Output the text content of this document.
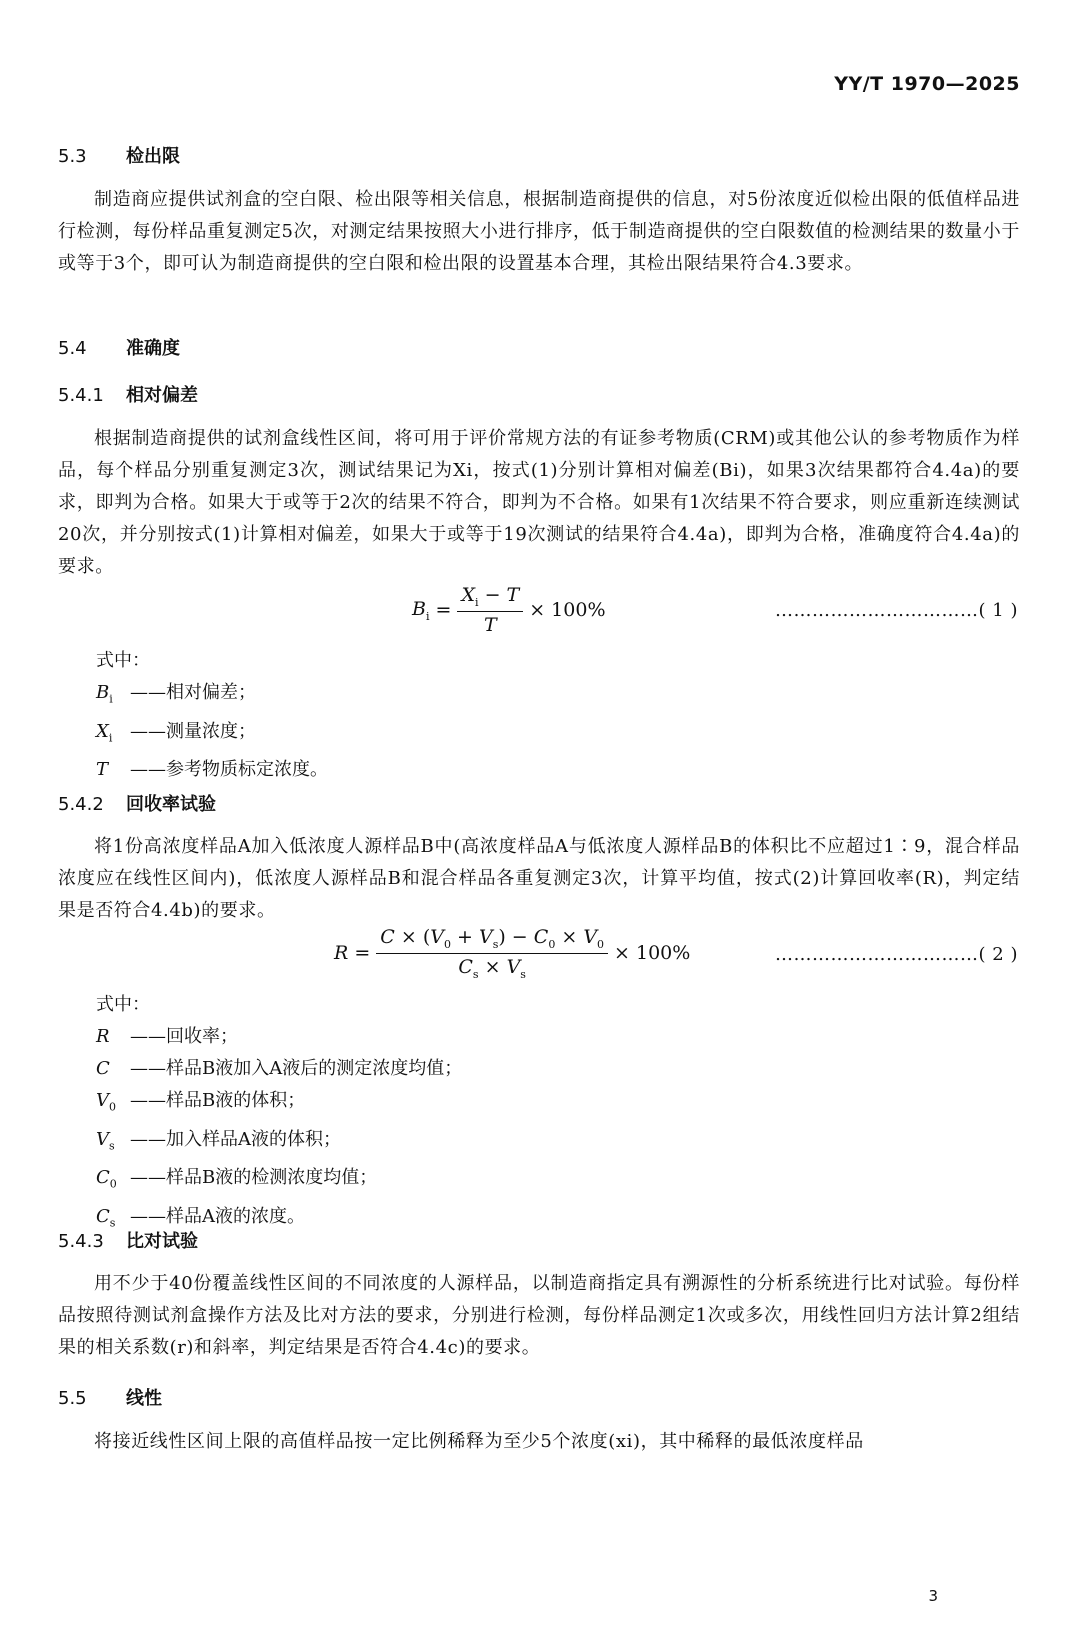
YY/T 1970—2025
5.3 检出限
制造商应提供试剂盒的空白限、检出限等相关信息，根据制造商提供的信息，对5份浓度近似检出限的低值样品进行检测，每份样品重复测定5次，对测定结果按照大小进行排序，低于制造商提供的空白限数值的检测结果的数量小于或等于3个，即可认为制造商提供的空白限和检出限的设置基本合理，其检出限结果符合4.3要求。
5.4 准确度
5.4.1 相对偏差
根据制造商提供的试剂盒线性区间，将可用于评价常规方法的有证参考物质(CRM)或其他公认的参考物质作为样品，每个样品分别重复测定3次，测试结果记为Xi，按式(1)分别计算相对偏差(Bi)，如果3次结果都符合4.4a)的要求，即判为合格。如果大于或等于2次的结果不符合，即判为不合格。如果有1次结果不符合要求，则应重新连续测试20次，并分别按式(1)计算相对偏差，如果大于或等于19次测试的结果符合4.4a)，即判为合格，准确度符合4.4a)的要求。
$B_i = \frac{X_i - T}{T} \times 100\%$	……………………………( 1 )
式中：
$B_i$ ——相对偏差；
$X_i$ ——测量浓度；
T ——参考物质标定浓度。
5.4.2 回收率试验
将1份高浓度样品A加入低浓度人源样品B中(高浓度样品A与低浓度人源样品B的体积比不应超过1∶9，混合样品浓度应在线性区间内)，低浓度人源样品B和混合样品各重复测定3次，计算平均值，按式(2)计算回收率(R)，判定结果是否符合4.4b)的要求。
$R = \frac{C \times (V_0 + V_s) - C_0 \times V_0}{C_s \times V_s} \times 100\%$	……………………………( 2 )
式中：
R ——回收率；
C ——样品B液加入A液后的测定浓度均值；
$V_0$ ——样品B液的体积；
$V_s$ ——加入样品A液的体积；
$C_0$ ——样品B液的检测浓度均值；
$C_s$ ——样品A液的浓度。
5.4.3 比对试验
用不少于40份覆盖线性区间的不同浓度的人源样品，以制造商指定具有溯源性的分析系统进行比对试验。每份样品按照待测试剂盒操作方法及比对方法的要求，分别进行检测，每份样品测定1次或多次，用线性回归方法计算2组结果的相关系数(r)和斜率，判定结果是否符合4.4c)的要求。
5.5 线性
将接近线性区间上限的高值样品按一定比例稀释为至少5个浓度(xi)，其中稀释的最低浓度样品
3
